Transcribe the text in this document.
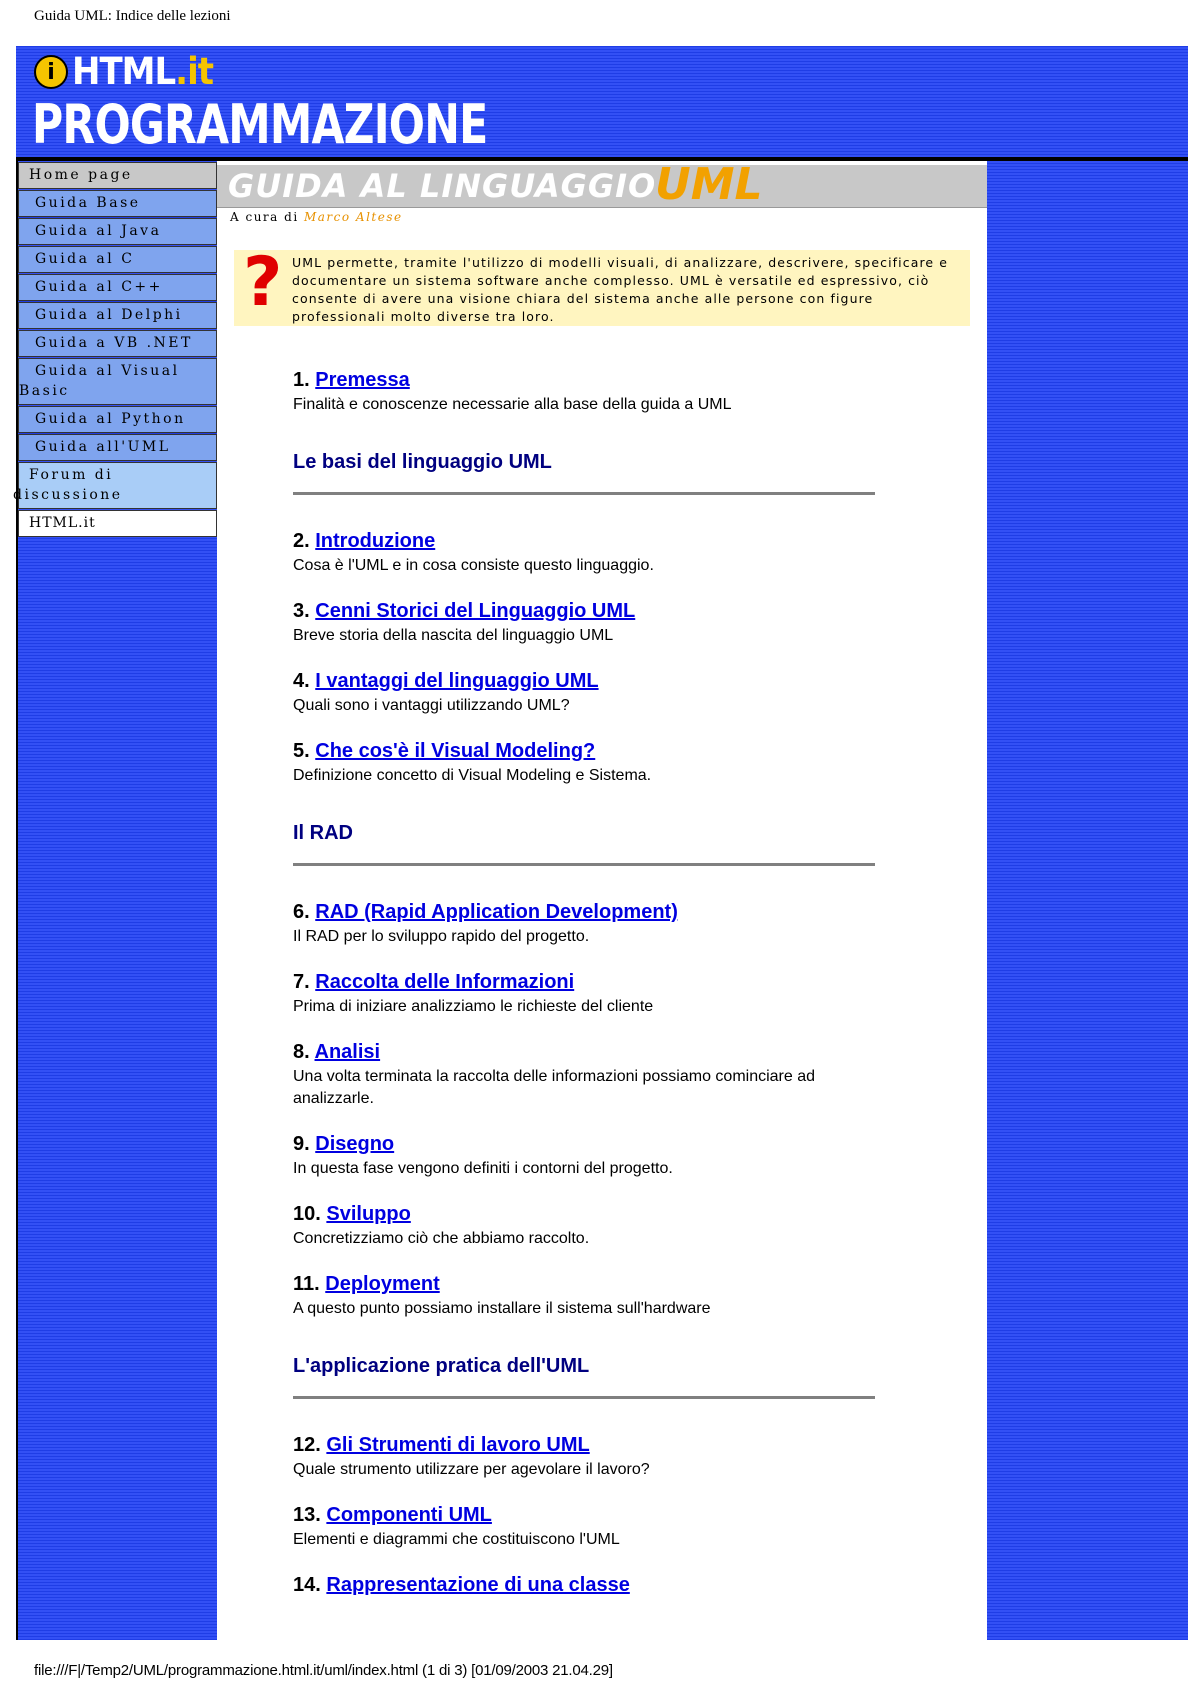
Guida UML: Indice delle lezioni
i HTML.it
PROGRAMMAZIONE
Home page
Guida Base
Guida al Java
Guida al C
Guida al C++
Guida al Delphi
Guida a VB .NET
Guida al Visual
Basic
Guida al Python
Guida all'UML
Forum di
discussione
HTML.it
GUIDA AL LINGUAGGIO
UML
A cura di Marco Altese
? UML permette, tramite l'utilizzo di modelli visuali, di analizzare, descrivere, specificare e documentare un sistema software anche complesso. UML è versatile ed espressivo, ciò consente di avere una visione chiara del sistema anche alle persone con figure professionali molto diverse tra loro.
1. Premessa
Finalità e conoscenze necessarie alla base della guida a UML
Le basi del linguaggio UML
2. Introduzione
Cosa è l'UML e in cosa consiste questo linguaggio.
3. Cenni Storici del Linguaggio UML
Breve storia della nascita del linguaggio UML
4. I vantaggi del linguaggio UML
Quali sono i vantaggi utilizzando UML?
5. Che cos'è il Visual Modeling?
Definizione concetto di Visual Modeling e Sistema.
Il RAD
6. RAD (Rapid Application Development)
Il RAD per lo sviluppo rapido del progetto.
7. Raccolta delle Informazioni
Prima di iniziare analizziamo le richieste del cliente
8. Analisi
Una volta terminata la raccolta delle informazioni possiamo cominciare ad analizzarle.
9. Disegno
In questa fase vengono definiti i contorni del progetto.
10. Sviluppo
Concretizziamo ciò che abbiamo raccolto.
11. Deployment
A questo punto possiamo installare il sistema sull'hardware
L'applicazione pratica dell'UML
12. Gli Strumenti di lavoro UML
Quale strumento utilizzare per agevolare il lavoro?
13. Componenti UML
Elementi e diagrammi che costituiscono l'UML
14. Rappresentazione di una classe
file:///F|/Temp2/UML/programmazione.html.it/uml/index.html (1 di 3) [01/09/2003 21.04.29]
